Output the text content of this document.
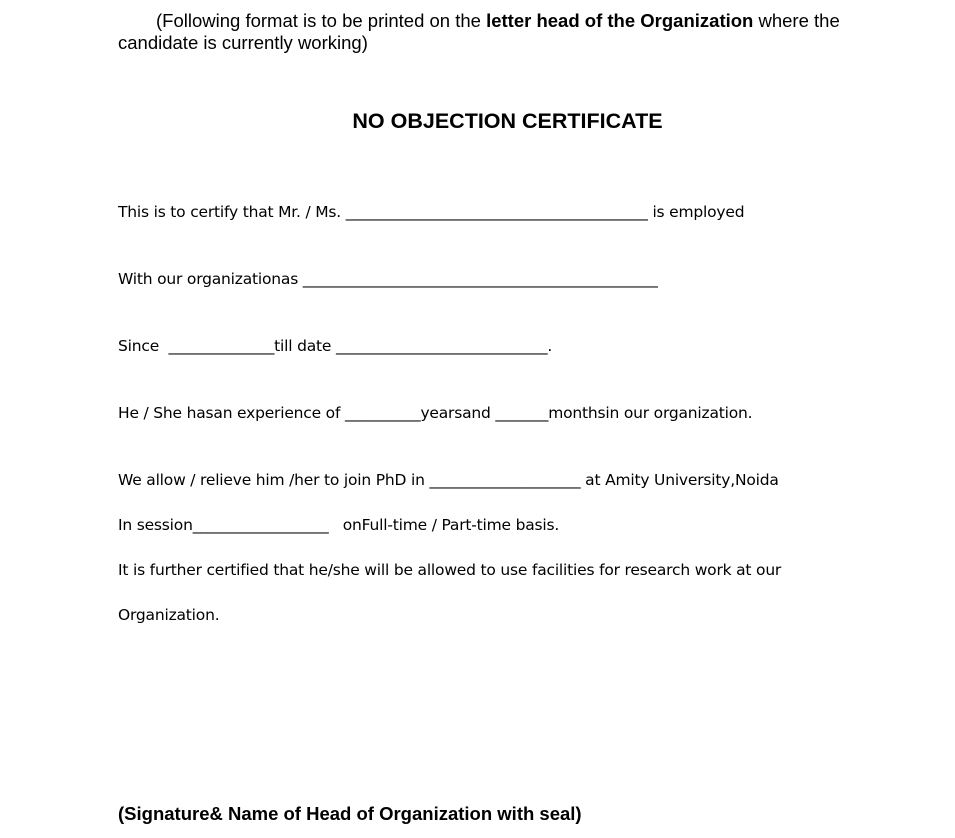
(Following format is to be printed on the letter head of the Organization where the candidate is currently working)
NO OBJECTION CERTIFICATE
This is to certify that Mr. / Ms. ________________________________________ is employed
With our organizationas _______________________________________________
Since  ______________till date ____________________________.
He / She hasan experience of __________yearsand _______monthsin our organization.
We allow / relieve him /her to join PhD in ____________________ at Amity University,Noida
In session__________________   onFull-time / Part-time basis.
It is further certified that he/she will be allowed to use facilities for research work at our
Organization.
(Signature& Name of Head of Organization with seal)
